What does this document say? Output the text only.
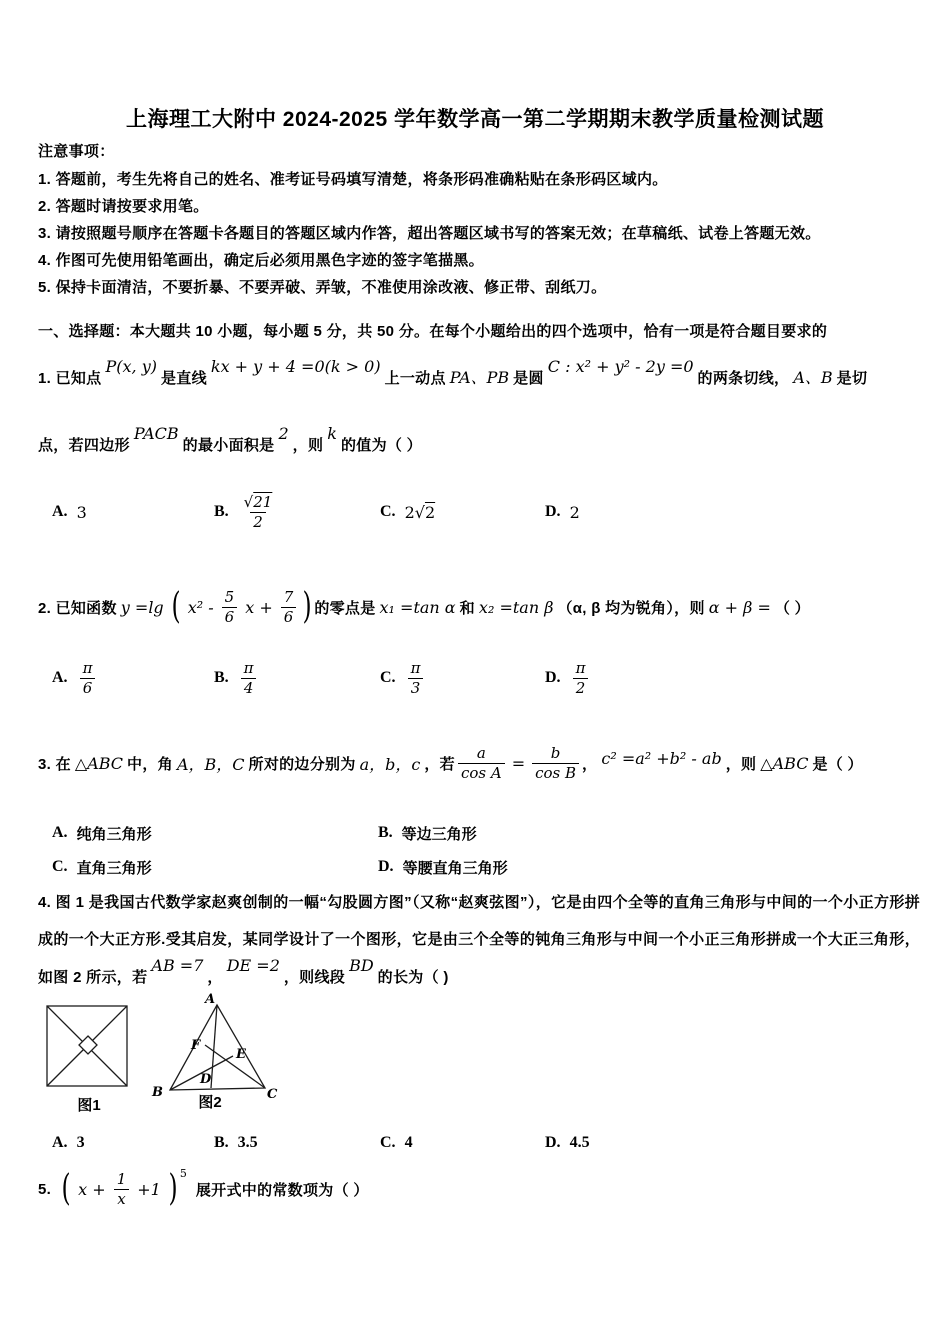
上海理工大附中 2024-2025 学年数学高一第二学期期末教学质量检测试题
注意事项：
1. 答题前，考生先将自己的姓名、准考证号码填写清楚，将条形码准确粘贴在条形码区域内。
2. 答题时请按要求用笔。
3. 请按照题号顺序在答题卡各题目的答题区域内作答，超出答题区域书写的答案无效；在草稿纸、试卷上答题无效。
4. 作图可先使用铅笔画出，确定后必须用黑色字迹的签字笔描黑。
5. 保持卡面清洁，不要折暴、不要弄破、弄皱，不准使用涂改液、修正带、刮纸刀。
一、选择题：本大题共 10 小题，每小题 5 分，共 50 分。在每个小题给出的四个选项中，恰有一项是符合题目要求的
1. 已知点P(x, y)是直线kx + y + 4 =0(k > 0)上一动点 PA、PB 是圆C : x² + y² - 2y =0的两条切线， A、B 是切
点，若四边形PACB的最小面积是2，则k的值为（ ）
A. 3	B. $\frac{√21}{2}$	C. 2√2	D. 2
2. 已知函数 y =lg ( $x^2 - \frac{5}{6}$ $x + \frac{7}{6}$ ) 的零点是 x₁ =tan α 和 x₂ =tan β （α, β 均为锐角），则 α + β = （ ）
A. $\frac{\pi}{6}$	B. $\frac{\pi}{4}$	C. $\frac{\pi}{3}$	D. $\frac{\pi}{2}$
3. 在 △ABC 中，角 A，B，C 所对的边分别为 a，b，c ，若 $\frac{a}{\text{cos A}} = \frac{b}{\text{cos B}}$ ， c² =a² +b² - ab ，则 △ABC 是（ ）
A. 纯角三角形	B. 等边三角形
C. 直角三角形	D. 等腰直角三角形
4. 图 1 是我国古代数学家赵爽创制的一幅“勾股圆方图”（又称“赵爽弦图”），它是由四个全等的直角三角形与中间的一个小正方形拼成的一个大正方形.受其启发，某同学设计了一个图形，它是由三个全等的钝角三角形与中间一个小正三角形拼成一个大正三角形，如图 2 所示，若AB =7，DE =2，则线段BD的长为（ )
图1
A
B	C
D
E
F
图2
A. 3	B. 3.5	C. 4	D. 4.5
5. ( $x + \frac{1}{x} +1$ ) 5
展开式中的常数项为（ ）
